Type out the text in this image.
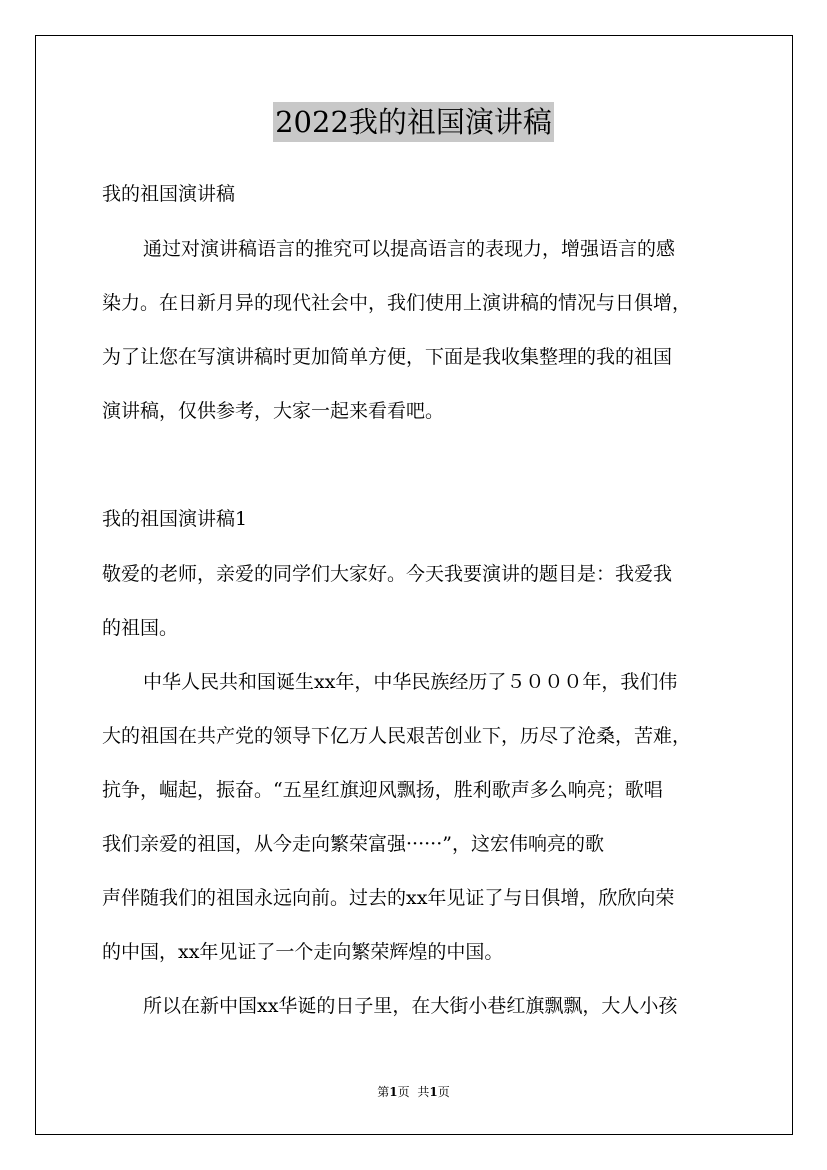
2022我的祖国演讲稿
我的祖国演讲稿
通过对演讲稿语言的推究可以提高语言的表现力，增强语言的感
染力。在日新月异的现代社会中，我们使用上演讲稿的情况与日俱增，
为了让您在写演讲稿时更加简单方便，下面是我收集整理的我的祖国
演讲稿，仅供参考，大家一起来看看吧。
我的祖国演讲稿1
敬爱的老师，亲爱的同学们大家好。今天我要演讲的题目是：我爱我
的祖国。
中华人民共和国诞生xx年，中华民族经历了５０００年，我们伟
大的祖国在共产党的领导下亿万人民艰苦创业下，历尽了沧桑，苦难，
抗争，崛起，振奋。“五星红旗迎风飘扬，胜利歌声多么响亮；歌唱
我们亲爱的祖国，从今走向繁荣富强······”，这宏伟响亮的歌
声伴随我们的祖国永远向前。过去的xx年见证了与日俱增，欣欣向荣
的中国，xx年见证了一个走向繁荣辉煌的中国。
所以在新中国xx华诞的日子里，在大街小巷红旗飘飘，大人小孩
第1页 共1页
